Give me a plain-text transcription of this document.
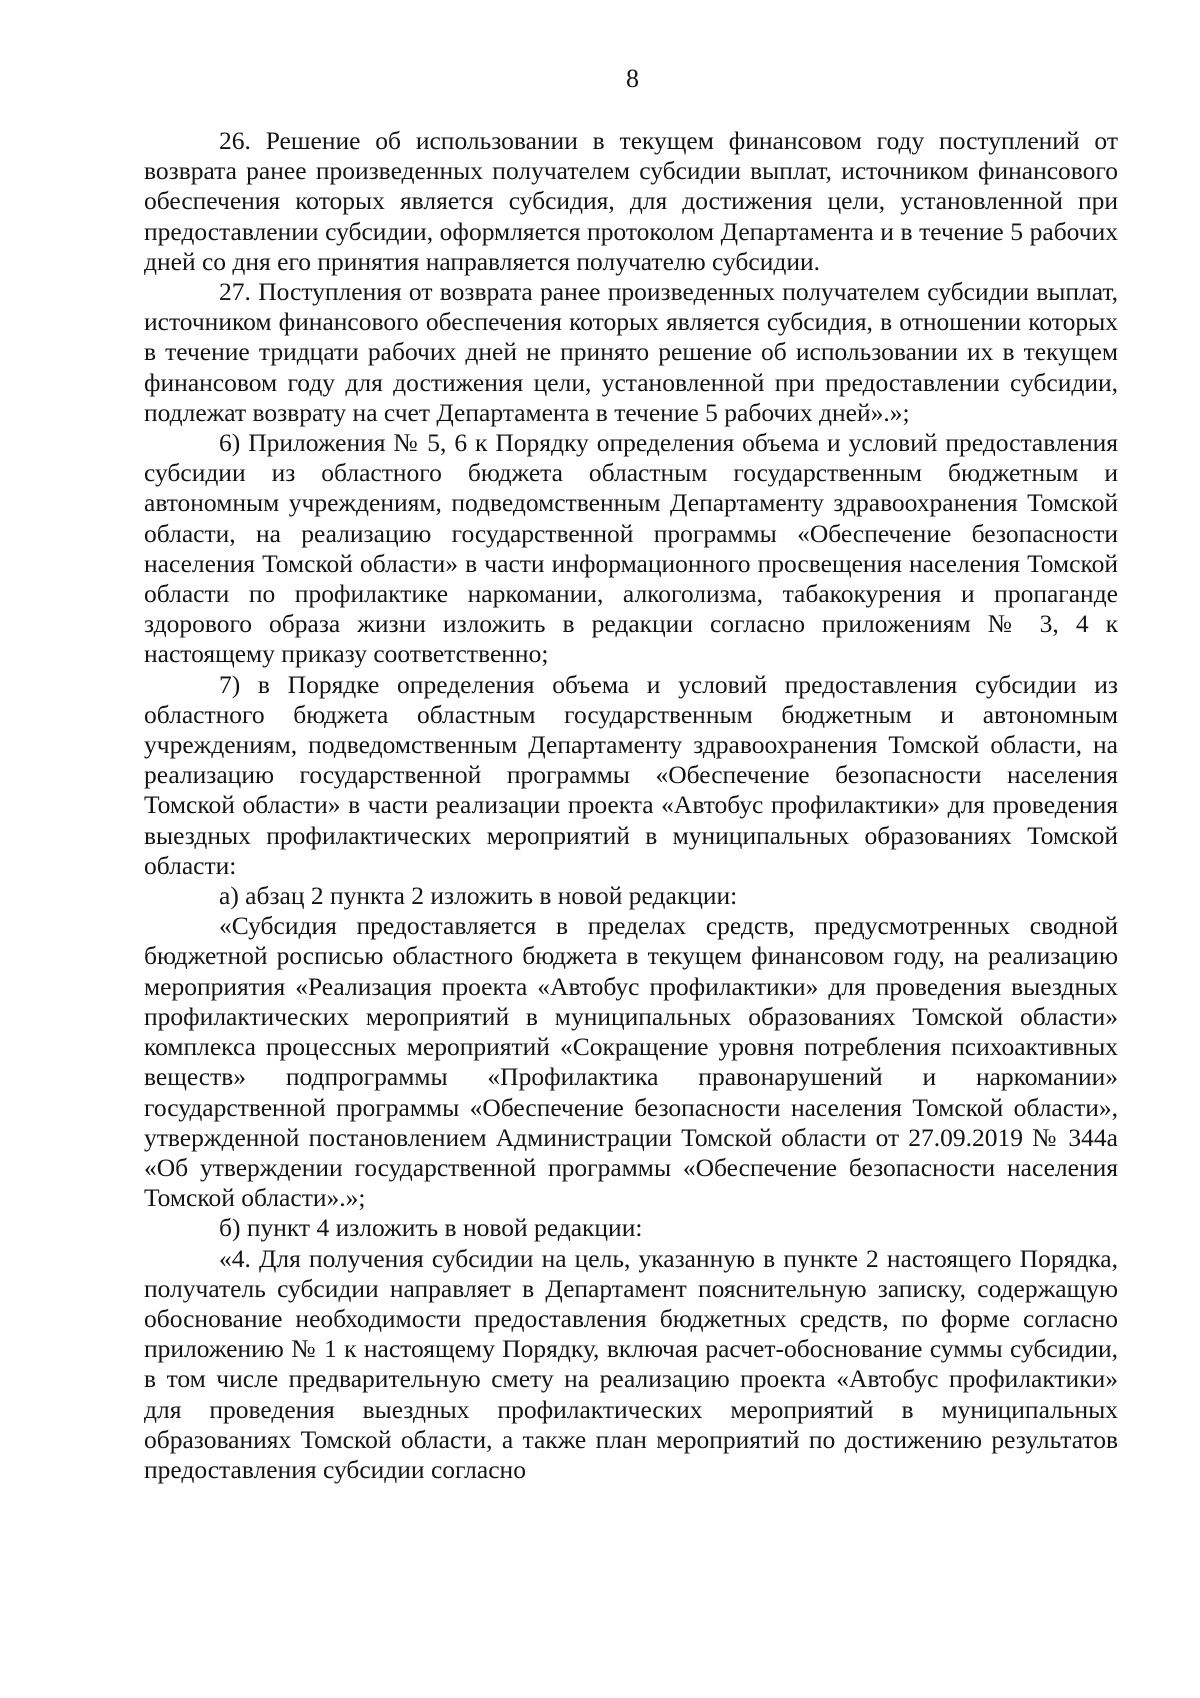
8

26. Решение об использовании в текущем финансовом году поступлений от возврата ранее произведенных получателем субсидии выплат, источником финансового обеспечения которых является субсидия, для достижения цели, установленной при предоставлении субсидии, оформляется протоколом Департамента и в течение 5 рабочих дней со дня его принятия направляется получателю субсидии.

27. Поступления от возврата ранее произведенных получателем субсидии выплат, источником финансового обеспечения которых является субсидия, в отношении которых в течение тридцати рабочих дней не принято решение об использовании их в текущем финансовом году для достижения цели, установленной при предоставлении субсидии, подлежат возврату на счет Департамента в течение 5 рабочих дней».»;

6) Приложения № 5, 6 к Порядку определения объема и условий предоставления субсидии из областного бюджета областным государственным бюджетным и автономным учреждениям, подведомственным Департаменту здравоохранения Томской области, на реализацию государственной программы «Обеспечение безопасности населения Томской области» в части информационного просвещения населения Томской области по профилактике наркомании, алкоголизма, табакокурения и пропаганде здорового образа жизни изложить в редакции согласно приложениям № 3, 4 к настоящему приказу соответственно;

7) в Порядке определения объема и условий предоставления субсидии из областного бюджета областным государственным бюджетным и автономным учреждениям, подведомственным Департаменту здравоохранения Томской области, на реализацию государственной программы «Обеспечение безопасности населения Томской области» в части реализации проекта «Автобус профилактики» для проведения выездных профилактических мероприятий в муниципальных образованиях Томской области:

а) абзац 2 пункта 2 изложить в новой редакции:

«Субсидия предоставляется в пределах средств, предусмотренных сводной бюджетной росписью областного бюджета в текущем финансовом году, на реализацию мероприятия «Реализация проекта «Автобус профилактики» для проведения выездных профилактических мероприятий в муниципальных образованиях Томской области» комплекса процессных мероприятий «Сокращение уровня потребления психоактивных веществ» подпрограммы «Профилактика правонарушений и наркомании» государственной программы «Обеспечение безопасности населения Томской области», утвержденной постановлением Администрации Томской области от 27.09.2019 № 344а «Об утверждении государственной программы «Обеспечение безопасности населения Томской области».»;

б) пункт 4 изложить в новой редакции:

«4. Для получения субсидии на цель, указанную в пункте 2 настоящего Порядка, получатель субсидии направляет в Департамент пояснительную записку, содержащую обоснование необходимости предоставления бюджетных средств, по форме согласно приложению № 1 к настоящему Порядку, включая расчет-обоснование суммы субсидии, в том числе предварительную смету на реализацию проекта «Автобус профилактики» для проведения выездных профилактических мероприятий в муниципальных образованиях Томской области, а также план мероприятий по достижению результатов предоставления субсидии согласно
